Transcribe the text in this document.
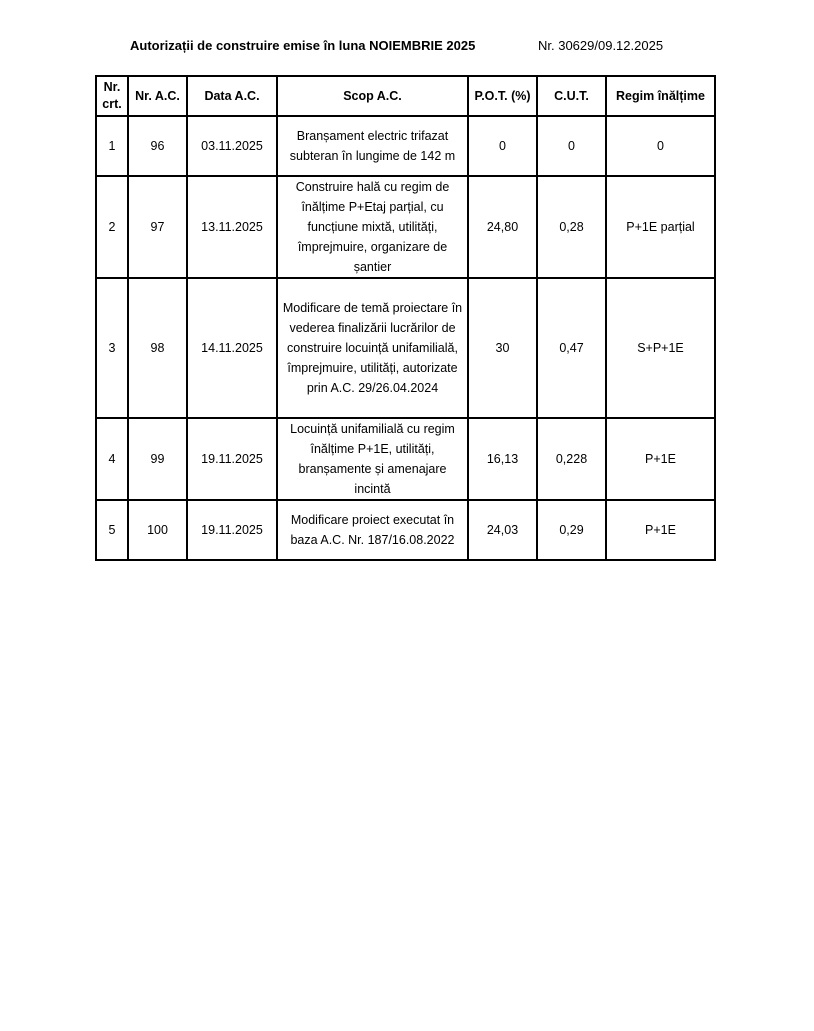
Autorizații de construire emise în luna NOIEMBRIE 2025	Nr. 30629/09.12.2025
Nr. crt.	Nr. A.C.	Data A.C.	Scop A.C.	P.O.T. (%)	C.U.T.	Regim înălțime
1	96	03.11.2025	Branșament electric trifazat subteran în lungime de 142 m	0	0	0
2	97	13.11.2025	Construire hală cu regim de înălțime P+Etaj parțial, cu funcțiune mixtă, utilități, împrejmuire, organizare de șantier	24,80	0,28	P+1E parțial
3	98	14.11.2025	Modificare de temă proiectare în vederea finalizării lucrărilor de construire locuință unifamilială, împrejmuire, utilități, autorizate prin A.C. 29/26.04.2024	30	0,47	S+P+1E
4	99	19.11.2025	Locuință unifamilială cu regim înălțime P+1E, utilități, branșamente și amenajare incintă	16,13	0,228	P+1E
5	100	19.11.2025	Modificare proiect executat în baza A.C. Nr. 187/16.08.2022	24,03	0,29	P+1E
